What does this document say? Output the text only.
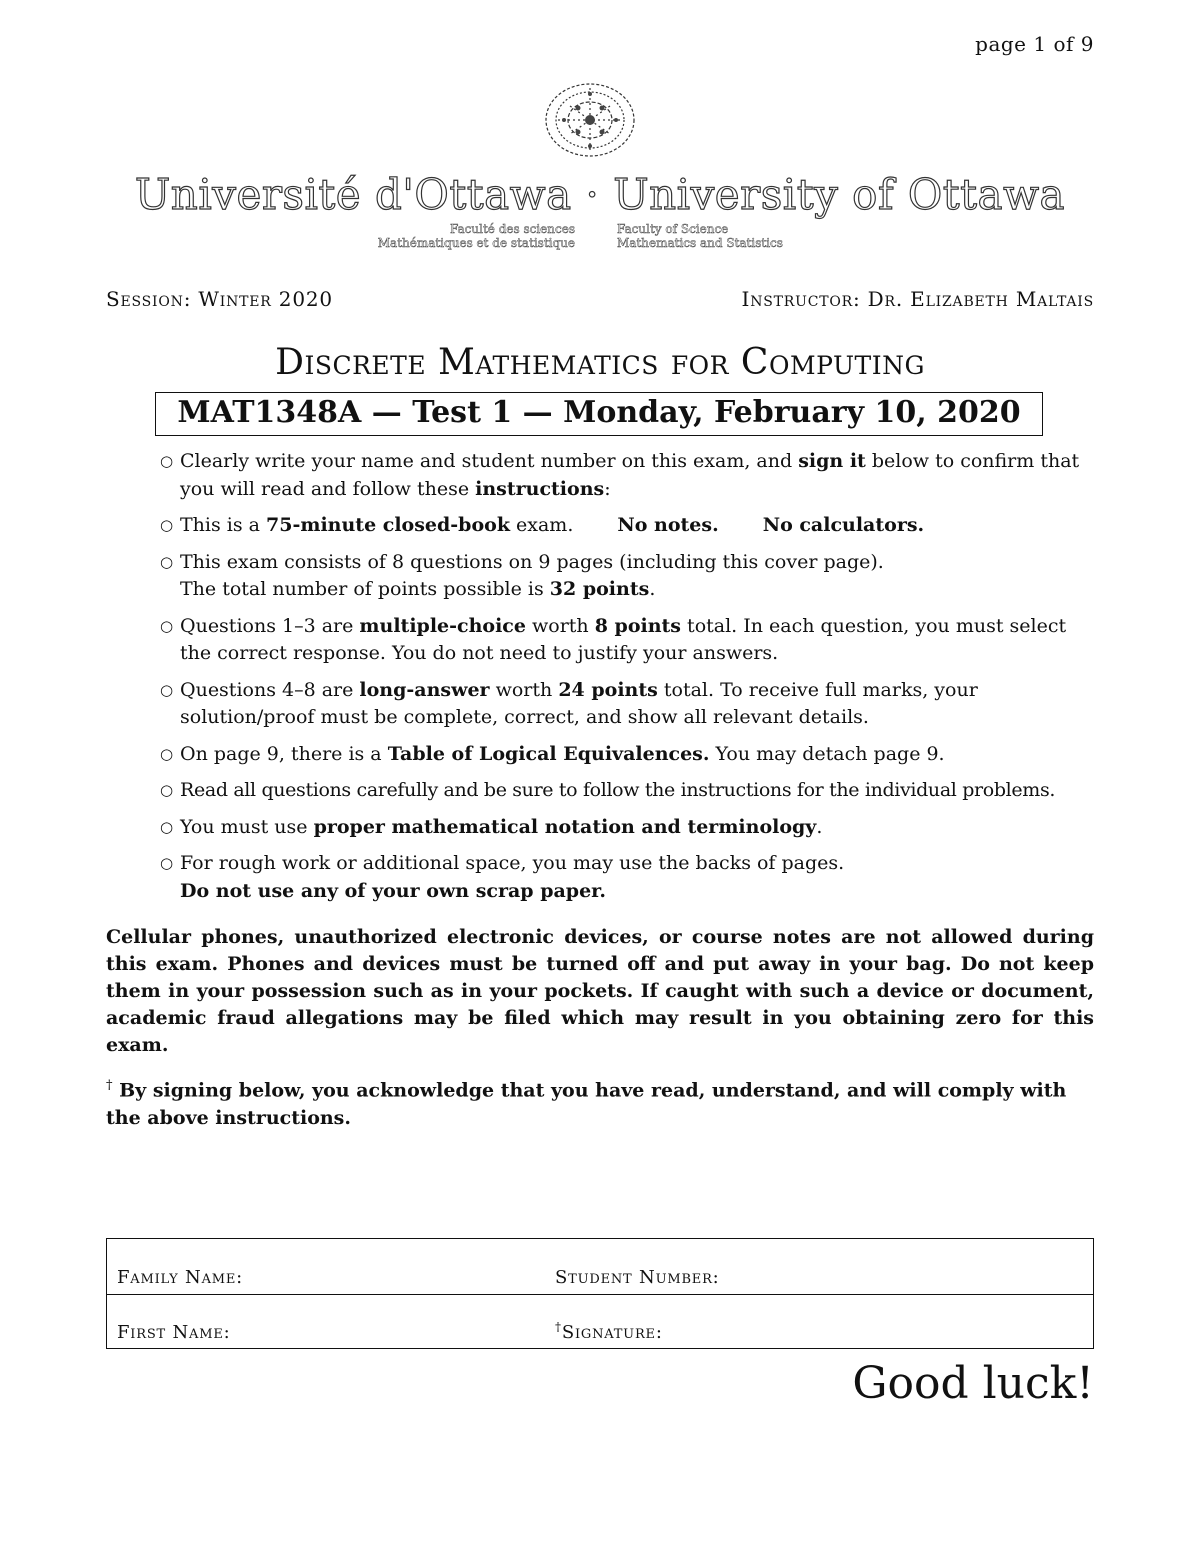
page 1 of 9
Université d'Ottawa · University of Ottawa
Faculté des sciences
Mathématiques et de statistique
Faculty of Science
Mathematics and Statistics
Session: Winter 2020	Instructor: Dr. Elizabeth Maltais
Discrete Mathematics for Computing
MAT1348A — Test 1 — Monday, February 10, 2020
○ Clearly write your name and student number on this exam, and sign it below to confirm that you will read and follow these instructions:
○ This is a 75-minute closed-book exam. No notes. No calculators.
○ This exam consists of 8 questions on 9 pages (including this cover page).
The total number of points possible is 32 points.
○ Questions 1–3 are multiple-choice worth 8 points total. In each question, you must select the correct response. You do not need to justify your answers.
○ Questions 4–8 are long-answer worth 24 points total. To receive full marks, your solution/proof must be complete, correct, and show all relevant details.
○ On page 9, there is a Table of Logical Equivalences. You may detach page 9.
○ Read all questions carefully and be sure to follow the instructions for the individual problems.
○ You must use proper mathematical notation and terminology.
○ For rough work or additional space, you may use the backs of pages.
Do not use any of your own scrap paper.
Cellular phones, unauthorized electronic devices, or course notes are not allowed during this exam. Phones and devices must be turned off and put away in your bag. Do not keep them in your possession such as in your pockets. If caught with such a device or document, academic fraud allegations may be filed which may result in you obtaining zero for this exam.
† By signing below, you acknowledge that you have read, understand, and will comply with the above instructions.
Family Name:	Student Number:
First Name:	†Signature:
Good luck!
